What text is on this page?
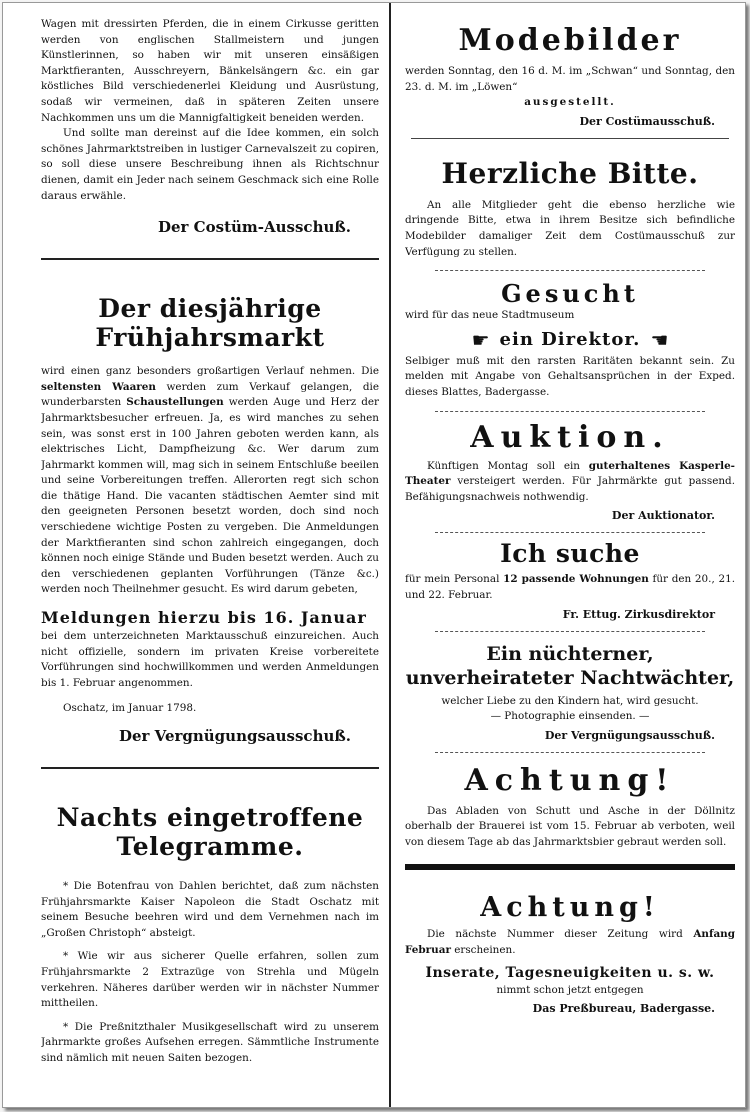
Wagen mit dressirten Pferden, die in einem Cirkusse geritten werden von englischen Stallmeistern und jungen Künstlerinnen, so haben wir mit unseren einsäßigen Marktfieranten, Ausschreyern, Bänkelsängern &c. ein gar köstliches Bild verschiedenerlei Kleidung und Ausrüstung, sodaß wir vermeinen, daß in späteren Zeiten unsere Nachkommen uns um die Mannigfaltigkeit beneiden werden.

Und sollte man dereinst auf die Idee kommen, ein solch schönes Jahrmarktstreiben in lustiger Carnevalszeit zu copiren, so soll diese unsere Beschreibung ihnen als Richtschnur dienen, damit ein Jeder nach seinem Geschmack sich eine Rolle daraus erwähle.

Der Costüm-Ausschuß.
Der diesjährige Frühjahrsmarkt

wird einen ganz besonders großartigen Verlauf nehmen. Die seltensten Waaren werden zum Verkauf gelangen, die wunderbarsten Schaustellungen werden Auge und Herz der Jahrmarktsbesucher erfreuen. Ja, es wird manches zu sehen sein, was sonst erst in 100 Jahren geboten werden kann, als elektrisches Licht, Dampfheizung &c. Wer darum zum Jahrmarkt kommen will, mag sich in seinem Entschluße beeilen und seine Vorbereitungen treffen. Allerorten regt sich schon die thätige Hand. Die vacanten städtischen Aemter sind mit den geeigneten Personen besetzt worden, doch sind noch verschiedene wichtige Posten zu vergeben. Die Anmeldungen der Marktfieranten sind schon zahlreich eingegangen, doch können noch einige Stände und Buden besetzt werden. Auch zu den verschiedenen geplanten Vorführungen (Tänze &c.) werden noch Theilnehmer gesucht. Es wird darum gebeten,

Meldungen hierzu bis 16. Januar

bei dem unterzeichneten Marktausschuß einzureichen. Auch nicht offizielle, sondern im privaten Kreise vorbereitete Vorführungen sind hochwillkommen und werden Anmeldungen bis 1. Februar angenommen.

Oschatz, im Januar 1798.

Der Vergnügungsausschuß.
Nachts eingetroffene Telegramme.

* Die Botenfrau von Dahlen berichtet, daß zum nächsten Frühjahrsmarkte Kaiser Napoleon die Stadt Oschatz mit seinem Besuche beehren wird und dem Vernehmen nach im „Großen Christoph“ absteigt.

* Wie wir aus sicherer Quelle erfahren, sollen zum Frühjahrsmarkte 2 Extrazüge von Strehla und Mügeln verkehren. Näheres darüber werden wir in nächster Nummer mittheilen.

* Die Preßnitzthaler Musikgesellschaft wird zu unserem Jahrmarkte großes Aufsehen erregen. Sämmtliche Instrumente sind nämlich mit neuen Saiten bezogen.

Modebilder

werden Sonntag, den 16 d. M. im „Schwan“ und Sonntag, den 23. d. M. im „Löwen“

ausgestellt.

Der Costümausschuß.
Herzliche Bitte.

An alle Mitglieder geht die ebenso herzliche wie dringende Bitte, etwa in ihrem Besitze sich befindliche Modebilder damaliger Zeit dem Costümausschuß zur Verfügung zu stellen.

Gesucht

wird für das neue Stadtmuseum

☛ ein Direktor. ☚

Selbiger muß mit den rarsten Raritäten bekannt sein. Zu melden mit Angabe von Gehaltsansprüchen in der Exped. dieses Blattes, Badergasse.

Auktion.

Künftigen Montag soll ein guterhaltenes Kasperle-Theater versteigert werden. Für Jahrmärkte gut passend. Befähigungsnachweis nothwendig.

Der Auktionator.
Ich suche

für mein Personal 12 passende Wohnungen für den 20., 21. und 22. Februar.

Fr. Ettug. Zirkusdirektor
Ein nüchterner,
unverheirateter Nachtwächter,

welcher Liebe zu den Kindern hat, wird gesucht.

— Photographie einsenden. —

Der Vergnügungsausschuß.
Achtung!

Das Abladen von Schutt und Asche in der Döllnitz oberhalb der Brauerei ist vom 15. Februar ab verboten, weil von diesem Tage ab das Jahrmarktsbier gebraut werden soll.

Achtung!

Die nächste Nummer dieser Zeitung wird Anfang Februar erscheinen.

Inserate, Tagesneuigkeiten u. s. w.

nimmt schon jetzt entgegen

Das Preßbureau, Badergasse.
